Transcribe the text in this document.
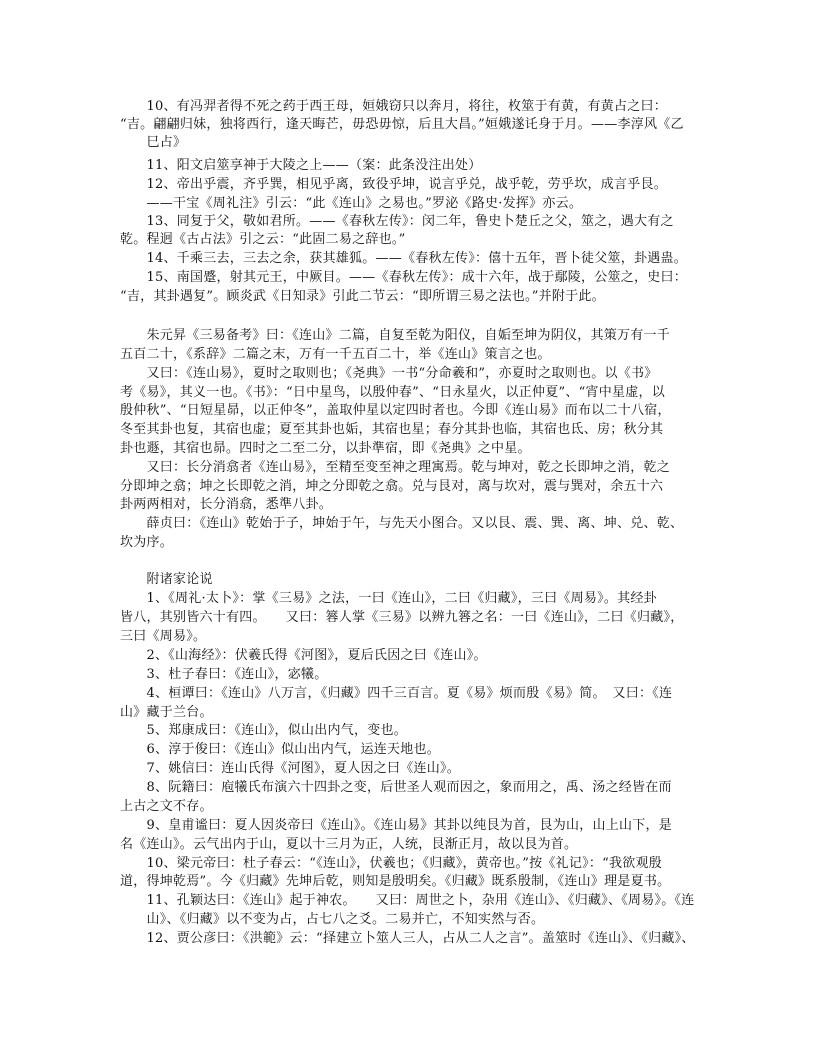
　　10、有冯羿者得不死之药于西王母，姮娥窃只以奔月，将往，枚筮于有黄，有黄占之曰：
“吉。翩翩归妹，独将西行，逢天晦芒，毋恐毋惊，后且大昌。”姮娥遂讬身于月。——李淳风《乙
　　巳占》
　　11、阳文启筮享神于大陵之上——（案：此条没注出处）
　　12、帝出乎震，齐乎巽，相见乎离，致役乎坤，说言乎兑，战乎乾，劳乎坎，成言乎艮。
　　——干宝《周礼注》引云：“此《连山》之易也。”罗泌《路史·发挥》亦云。
　　13、同复于父，敬如君所。——《春秋左传》：闵二年，鲁史卜楚丘之父，筮之，遇大有之
乾。程迥《古占法》引之云：“此固二易之辞也。”
　　14、千乘三去，三去之余，获其雄狐。——《春秋左传》：僖十五年，晋卜徒父筮，卦遇蛊。
　　15、南国蹙，射其元王，中厥目。——《春秋左传》：成十六年，战于鄢陵，公筮之，史曰：
“吉，其卦遇复”。顾炎武《日知录》引此二节云：“即所谓三易之法也。”并附于此。
　　朱元昇《三易备考》曰：《连山》二篇，自复至乾为阳仪，自姤至坤为阴仪，其策万有一千
五百二十，《系辞》二篇之末，万有一千五百二十，举《连山》策言之也。
　　又曰：《连山易》，夏时之取则也；《尧典》一书“分命羲和”，亦夏时之取则也。以《书》
考《易》，其义一也。《书》：“日中星鸟，以殷仲春”、“日永星火，以正仲夏”、“宵中星虚，以
殷仲秋”、“日短星昴，以正仲冬”，盖取仲星以定四时者也。今即《连山易》而布以二十八宿，
冬至其卦也复，其宿也虚；夏至其卦也姤，其宿也星；春分其卦也临，其宿也氐、房；秋分其
卦也遯，其宿也昴。四时之二至二分，以卦準宿，即《尧典》之中星。
　　又曰：长分消翕者《连山易》，至精至变至神之理寓焉。乾与坤对，乾之长即坤之消，乾之
分即坤之翕；坤之长即乾之消，坤之分即乾之翕。兑与艮对，离与坎对，震与巽对，余五十六
卦两两相对，长分消翕，悉準八卦。
　　薛贞曰：《连山》乾始于子，坤始于午，与先天小图合。又以艮、震、巽、离、坤、兑、乾、
坎为序。
　　附诸家论说
　　1、《周礼·太卜》：掌《三易》之法，一曰《连山》，二曰《归藏》，三曰《周易》。其经卦
皆八，其别皆六十有四。　　又曰：簭人掌《三易》以辨九簭之名：一曰《连山》，二曰《归藏》，
三曰《周易》。
　　2、《山海经》：伏羲氏得《河图》，夏后氏因之曰《连山》。
　　3、杜子春曰：《连山》，宓犧。
　　4、桓谭曰：《连山》八万言，《归藏》四千三百言。夏《易》烦而殷《易》简。　又曰：《连
山》藏于兰台。
　　5、郑康成曰：《连山》，似山出内气，变也。
　　6、淳于俊曰：《连山》似山出内气，运连天地也。
　　7、姚信曰：连山氏得《河图》，夏人因之曰《连山》。
　　8、阮籍曰：庖犧氏布演六十四卦之变，后世圣人观而因之，象而用之，禹、汤之经皆在而
上古之文不存。
　　9、皇甫谧曰：夏人因炎帝曰《连山》。《连山易》其卦以纯艮为首，艮为山，山上山下，是
名《连山》。云气出内于山，夏以十三月为正，人统，艮渐正月，故以艮为首。
　　10、梁元帝曰：杜子春云：“《连山》，伏羲也；《归藏》，黄帝也。”按《礼记》：“我欲观殷
道，得坤乾焉”。今《归藏》先坤后乾，则知是殷明矣。《归藏》既系殷制，《连山》理是夏书。
　　11、孔颖达曰：《连山》起于神农。　　又曰：周世之卜，杂用《连山》、《归藏》、《周易》。《连
　　山》、《归藏》以不变为占，占七八之爻。二易并亡，不知实然与否。
　　12、贾公彦曰：《洪範》云：“择建立卜筮人三人，占从二人之言”。盖筮时《连山》、《归藏》、
